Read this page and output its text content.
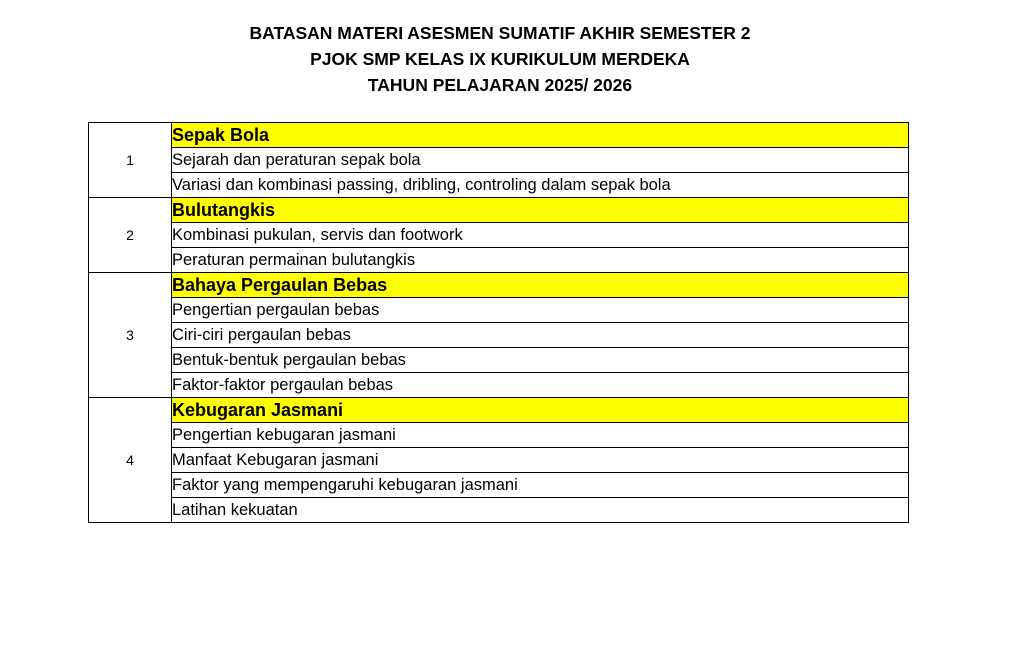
BATASAN MATERI ASESMEN SUMATIF AKHIR SEMESTER 2
PJOK SMP KELAS IX KURIKULUM MERDEKA
TAHUN PELAJARAN 2025/ 2026
1	Sepak Bola
	Sejarah dan peraturan sepak bola
	Variasi dan kombinasi passing, dribling, controling dalam sepak bola
2	Bulutangkis
	Kombinasi pukulan, servis dan footwork
	Peraturan permainan bulutangkis
3	Bahaya Pergaulan Bebas
	Pengertian pergaulan bebas
	Ciri-ciri pergaulan bebas
	Bentuk-bentuk pergaulan bebas
	Faktor-faktor pergaulan bebas
4	Kebugaran Jasmani
	Pengertian kebugaran jasmani
	Manfaat Kebugaran jasmani
	Faktor yang mempengaruhi kebugaran jasmani
	Latihan kekuatan
